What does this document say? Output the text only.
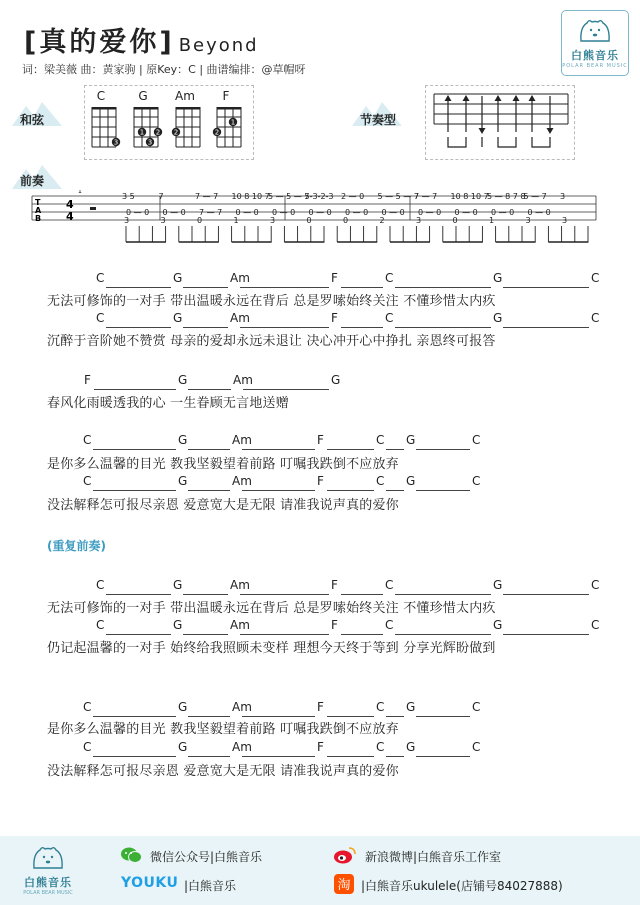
[真的爱你] Beyond
词：梁美薇 曲：黄家驹 | 原Key：C | 曲谱编排：@草帽呀
白熊音乐
POLAR BEAR MUSIC
和弦
C	G	Am	F
3
1 2
3
2
1
2
节奏型
前奏
T
A
B
4
4
1
3 5	7	7 — 7 10 8 10 7
5 — 5 — 7
5-3-2-3 2 — 0 5 — 5 — 7
7 — 7 10 8 10 7
5 — 8 7 8
5 — 7 3
0 — 0 0 — 0 7 — 7 0 — 0 0 — 0 0 — 0 0 — 0 0 — 0 0 — 0 0 — 0 0 — 0 0 — 0
3	3	0	1	3	0	0	2	3	0	1	3	3
C	G	Am	F	C	G	C
无法可修饰的一对手 带出温暖永远在背后 总是罗嗦始终关注 不懂珍惜太内疚
C	G	Am	F	C	G	C
沉醉于音阶她不赞赏 母亲的爱却永远未退让 决心冲开心中挣扎 亲恩终可报答
F	G	Am	G
春风化雨暖透我的心 一生眷顾无言地送赠
C	G	Am	F	C G	C
是你多么温馨的目光 教我坚毅望着前路 叮嘱我跌倒不应放弃
C	G	Am	F	C G	C
没法解释怎可报尽亲恩 爱意宽大是无限 请准我说声真的爱你
C	G	Am	F	C	G	C
无法可修饰的一对手 带出温暖永远在背后 总是罗嗦始终关注 不懂珍惜太内疚
C	G	Am	F	C	G	C
仍记起温馨的一对手 始终给我照顾未变样 理想今天终于等到 分享光辉盼做到
C	G	Am	F	C G	C
是你多么温馨的目光 教我坚毅望着前路 叮嘱我跌倒不应放弃
C	G	Am	F	C G	C
没法解释怎可报尽亲恩 爱意宽大是无限 请准我说声真的爱你
(重复前奏)
白熊音乐
POLAR BEAR MUSIC
微信公众号|白熊音乐	新浪微博|白熊音乐工作室
YOUKU |白熊音乐	淘 |白熊音乐ukulele(店铺号84027888)
